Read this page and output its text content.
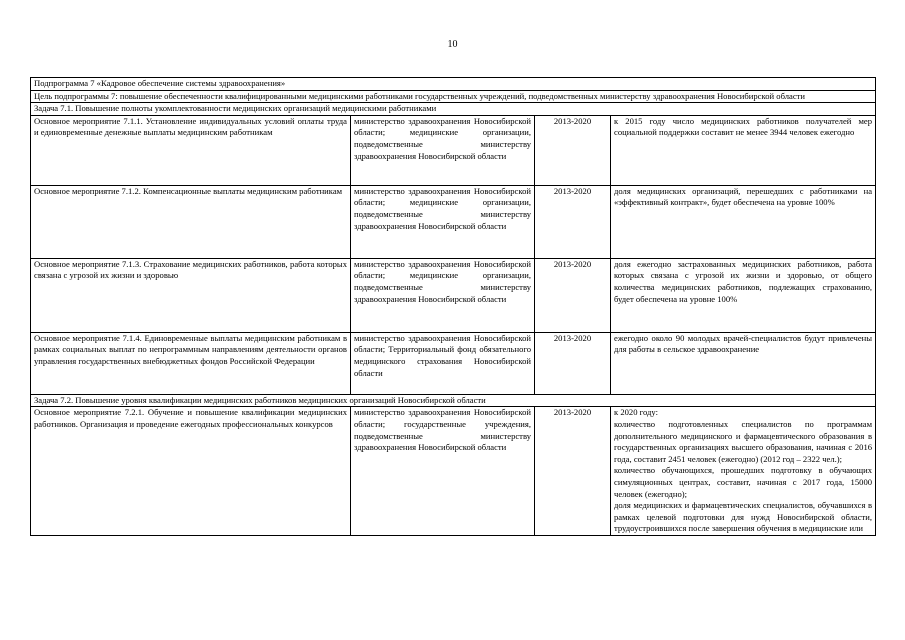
10
Подпрограмма 7 «Кадровое обеспечение системы здравоохранения»			
Цель подпрограммы 7: повышение обеспеченности квалифицированными медицинскими работниками государственных учреждений, подведомственных министерству здравоохранения Новосибирской области			
Задача 7.1. Повышение полноты укомплектованности медицинских организаций медицинскими работниками			
Основное мероприятие 7.1.1. Установление индивидуальных условий оплаты труда и единовременные денежные выплаты медицинским работникам	министерство здравоохранения Новосибирской области; медицинские организации, подведомственные министерству здравоохранения Новосибирской области	2013-2020	к 2015 году число медицинских работников получателей мер социальной поддержки составит не менее 3944 человек ежегодно
Основное мероприятие 7.1.2. Компенсационные выплаты медицинским работникам	министерство здравоохранения Новосибирской области; медицинские организации, подведомственные министерству здравоохранения Новосибирской области	2013-2020	доля медицинских организаций, перешедших с работниками на «эффективный контракт», будет обеспечена на уровне 100%
Основное мероприятие 7.1.3. Страхование медицинских работников, работа которых связана с угрозой их жизни и здоровью	министерство здравоохранения Новосибирской области; медицинские организации, подведомственные министерству здравоохранения Новосибирской области	2013-2020	доля ежегодно застрахованных медицинских работников, работа которых связана с угрозой их жизни и здоровью, от общего количества медицинских работников, подлежащих страхованию, будет обеспечена на уровне 100%
Основное мероприятие 7.1.4. Единовременные выплаты медицинским работникам в рамках социальных выплат по непрограммным направлениям деятельности органов управления государственных внебюджетных фондов Российской Федерации	министерство здравоохранения Новосибирской области; Территориальный фонд обязательного медицинского страхования Новосибирской области	2013-2020	ежегодно около 90 молодых врачей-специалистов будут привлечены для работы в сельское здравоохранение
Задача 7.2. Повышение уровня квалификации медицинских работников медицинских организаций Новосибирской области			
Основное мероприятие 7.2.1. Обучение и повышение квалификации медицинских работников. Организация и проведение ежегодных профессиональных конкурсов	министерство здравоохранения Новосибирской области; государственные учреждения, подведомственные министерству здравоохранения Новосибирской области	2013-2020	к 2020 году:
количество подготовленных специалистов по программам дополнительного медицинского и фармацевтического образования в государственных организациях высшего образования, начиная с 2016 года, составит 2451 человек (ежегодно) (2012 год – 2322 чел.);
количество обучающихся, прошедших подготовку в обучающих симуляционных центрах, составит, начиная с 2017 года, 15000 человек (ежегодно);
доля медицинских и фармацевтических специалистов, обучавшихся в рамках целевой подготовки для нужд Новосибирской области, трудоустроившихся после завершения обучения в медицинские или
